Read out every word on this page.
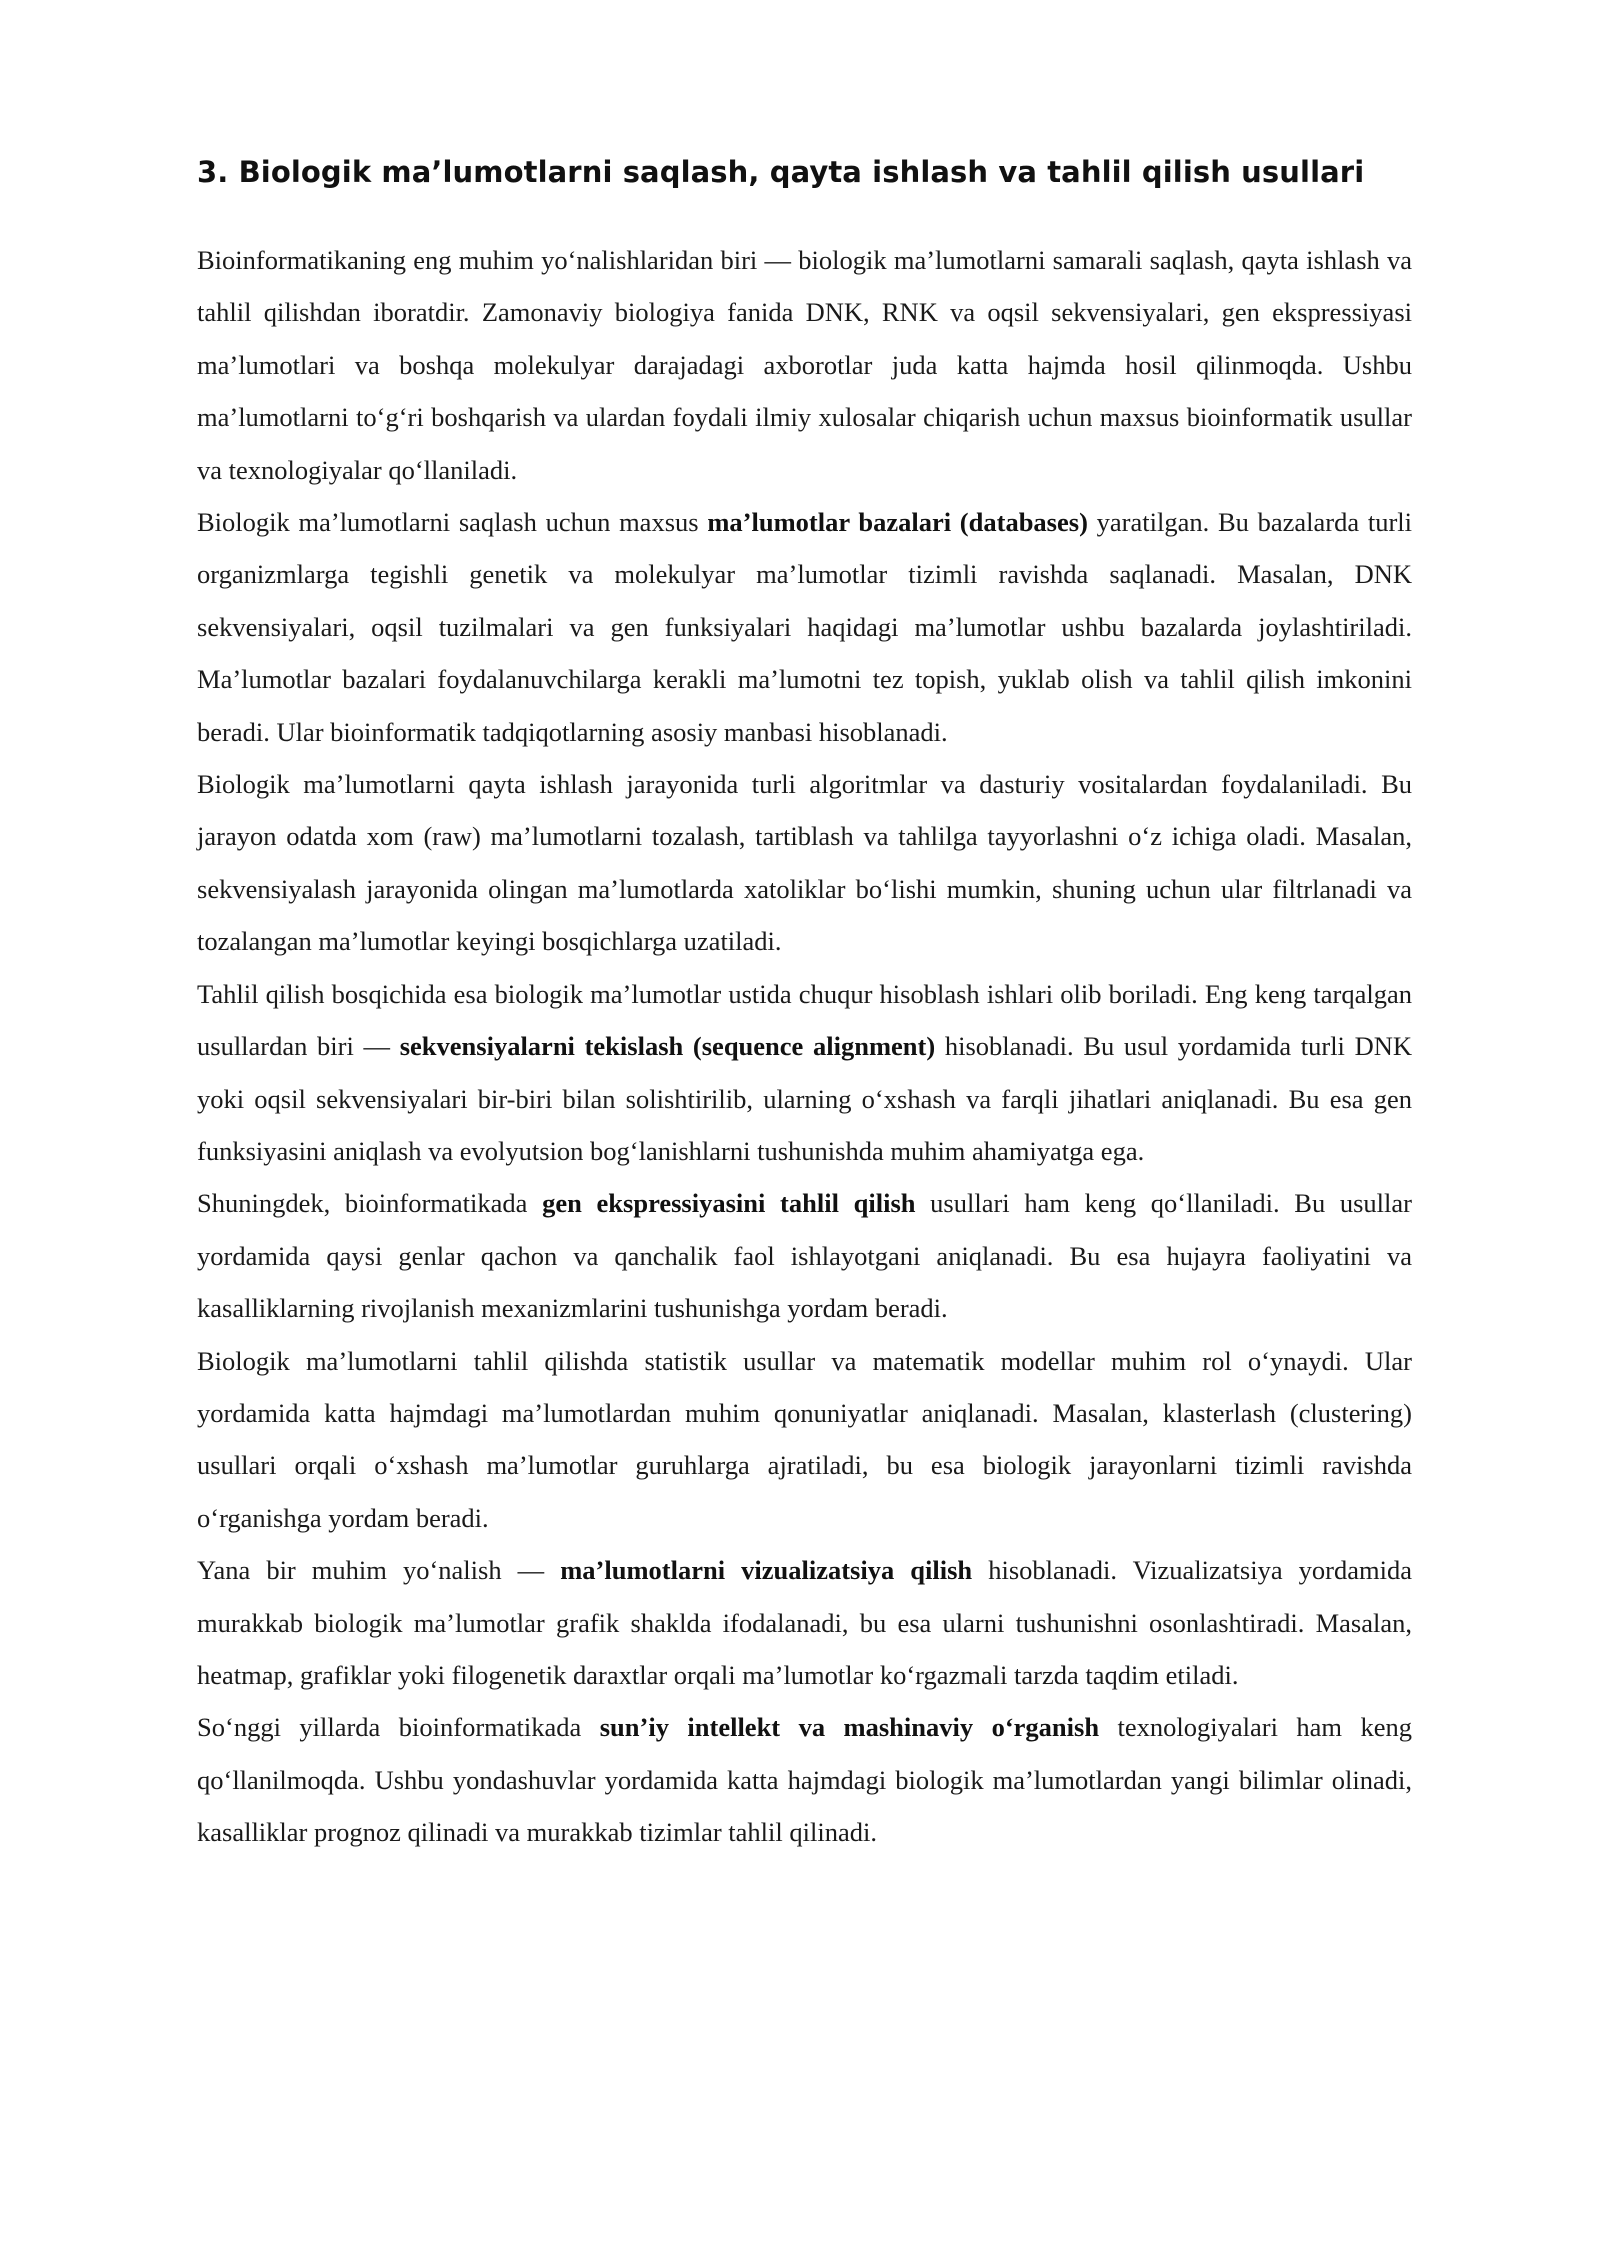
3. Biologik ma’lumotlarni saqlash, qayta ishlash va tahlil qilish usullari

Bioinformatikaning eng muhim yo‘nalishlaridan biri — biologik ma’lumotlarni samarali saqlash, qayta ishlash va tahlil qilishdan iboratdir. Zamonaviy biologiya fanida DNK, RNK va oqsil sekvensiyalari, gen ekspressiyasi ma’lumotlari va boshqa molekulyar darajadagi axborotlar juda katta hajmda hosil qilinmoqda. Ushbu ma’lumotlarni to‘g‘ri boshqarish va ulardan foydali ilmiy xulosalar chiqarish uchun maxsus bioinformatik usullar va texnologiyalar qo‘llaniladi.

Biologik ma’lumotlarni saqlash uchun maxsus ma’lumotlar bazalari (databases) yaratilgan. Bu bazalarda turli organizmlarga tegishli genetik va molekulyar ma’lumotlar tizimli ravishda saqlanadi. Masalan, DNK sekvensiyalari, oqsil tuzilmalari va gen funksiyalari haqidagi ma’lumotlar ushbu bazalarda joylashtiriladi. Ma’lumotlar bazalari foydalanuvchilarga kerakli ma’lumotni tez topish, yuklab olish va tahlil qilish imkonini beradi. Ular bioinformatik tadqiqotlarning asosiy manbasi hisoblanadi.

Biologik ma’lumotlarni qayta ishlash jarayonida turli algoritmlar va dasturiy vositalardan foydalaniladi. Bu jarayon odatda xom (raw) ma’lumotlarni tozalash, tartiblash va tahlilga tayyorlashni o‘z ichiga oladi. Masalan, sekvensiyalash jarayonida olingan ma’lumotlarda xatoliklar bo‘lishi mumkin, shuning uchun ular filtrlanadi va tozalangan ma’lumotlar keyingi bosqichlarga uzatiladi.

Tahlil qilish bosqichida esa biologik ma’lumotlar ustida chuqur hisoblash ishlari olib boriladi. Eng keng tarqalgan usullardan biri — sekvensiyalarni tekislash (sequence alignment) hisoblanadi. Bu usul yordamida turli DNK yoki oqsil sekvensiyalari bir-biri bilan solishtirilib, ularning o‘xshash va farqli jihatlari aniqlanadi. Bu esa gen funksiyasini aniqlash va evolyutsion bog‘lanishlarni tushunishda muhim ahamiyatga ega.

Shuningdek, bioinformatikada gen ekspressiyasini tahlil qilish usullari ham keng qo‘llaniladi. Bu usullar yordamida qaysi genlar qachon va qanchalik faol ishlayotgani aniqlanadi. Bu esa hujayra faoliyatini va kasalliklarning rivojlanish mexanizmlarini tushunishga yordam beradi.

Biologik ma’lumotlarni tahlil qilishda statistik usullar va matematik modellar muhim rol o‘ynaydi. Ular yordamida katta hajmdagi ma’lumotlardan muhim qonuniyatlar aniqlanadi. Masalan, klasterlash (clustering) usullari orqali o‘xshash ma’lumotlar guruhlarga ajratiladi, bu esa biologik jarayonlarni tizimli ravishda o‘rganishga yordam beradi.

Yana bir muhim yo‘nalish — ma’lumotlarni vizualizatsiya qilish hisoblanadi. Vizualizatsiya yordamida murakkab biologik ma’lumotlar grafik shaklda ifodalanadi, bu esa ularni tushunishni osonlashtiradi. Masalan, heatmap, grafiklar yoki filogenetik daraxtlar orqali ma’lumotlar ko‘rgazmali tarzda taqdim etiladi.

So‘nggi yillarda bioinformatikada sun’iy intellekt va mashinaviy o‘rganish texnologiyalari ham keng qo‘llanilmoqda. Ushbu yondashuvlar yordamida katta hajmdagi biologik ma’lumotlardan yangi bilimlar olinadi, kasalliklar prognoz qilinadi va murakkab tizimlar tahlil qilinadi.
